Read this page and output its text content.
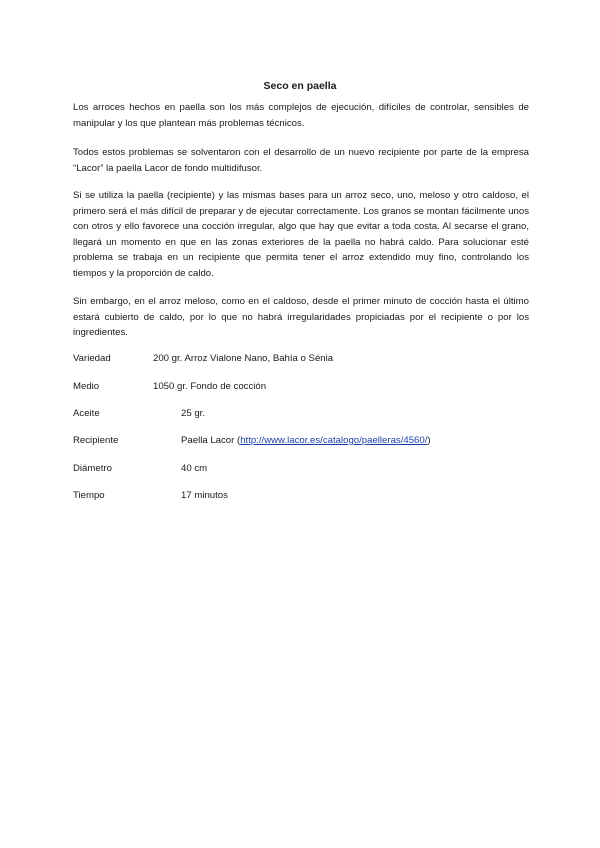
Seco en paella

Los arroces hechos en paella son los más complejos de ejecución, difíciles de controlar, sensibles de manipular y los que plantean más problemas técnicos.

Todos estos problemas se solventaron con el desarrollo de un nuevo recipiente por parte de la empresa “Lacor” la paella Lacor de fondo multidifusor.

Si se utiliza la paella (recipiente) y las mismas bases para un arroz seco, uno, meloso y otro caldoso, el primero será el más difícil de preparar y de ejecutar correctamente. Los granos se montan fácilmente unos con otros y ello favorece una cocción irregular, algo que hay que evitar a toda costa. Al secarse el grano, llegará un momento en que en las zonas exteriores de la paella no habrá caldo. Para solucionar esté problema se trabaja en un recipiente que permita tener el arroz extendido muy fino, controlando los tiempos y la proporción de caldo.

Sin embargo, en el arroz meloso, como en el caldoso, desde el primer minuto de cocción hasta el último estará cubierto de caldo, por lo que no habrá irregularidades propiciadas por el recipiente o por los ingredientes.

Variedad	200 gr. Arroz Vialone Nano, Bahía o Sénia
Medio	1050 gr. Fondo de cocción
Aceite	25 gr.
Recipiente	Paella Lacor (http://www.lacor.es/catalogo/paelleras/4560/)
Diámetro	40 cm
Tiempo	17 minutos
